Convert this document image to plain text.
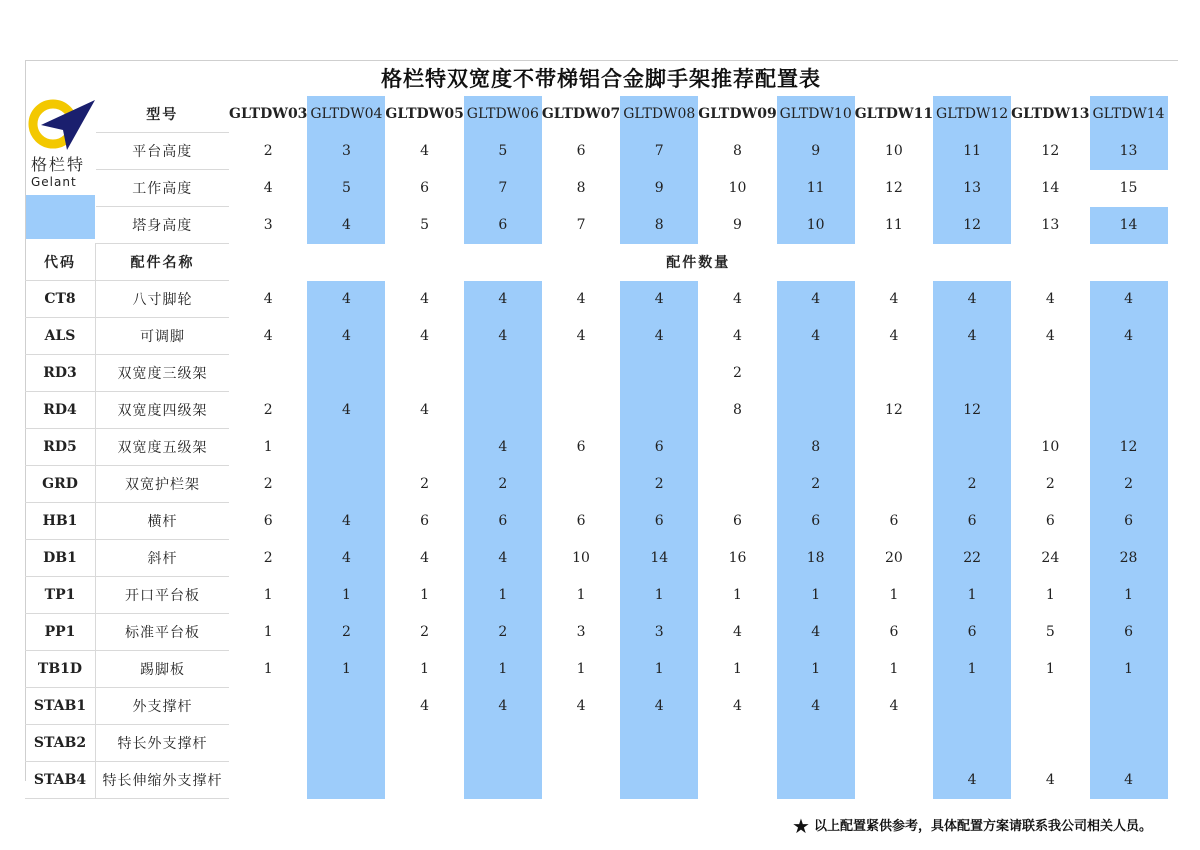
格栏特双宽度不带梯铝合金脚手架推荐配置表
格栏特
Gelant
	型号	GLTDW03	GLTDW04	GLTDW05	GLTDW06	GLTDW07	GLTDW08	GLTDW09	GLTDW10	GLTDW11	GLTDW12	GLTDW13	GLTDW14
	平台高度	2	3	4	5	6	7	8	9	10	11	12	13
	工作高度	4	5	6	7	8	9	10	11	12	13	14	15
	塔身高度	3	4	5	6	7	8	9	10	11	12	13	14
代码	配件名称	配件数量											
CT8	八寸脚轮	4	4	4	4	4	4	4	4	4	4	4	4
ALS	可调脚	4	4	4	4	4	4	4	4	4	4	4	4
RD3	双宽度三级架							2					
RD4	双宽度四级架	2	4	4				8		12	12		
RD5	双宽度五级架	1			4	6	6		8			10	12
GRD	双宽护栏架	2		2	2		2		2		2	2	2
HB1	横杆	6	4	6	6	6	6	6	6	6	6	6	6
DB1	斜杆	2	4	4	4	10	14	16	18	20	22	24	28
TP1	开口平台板	1	1	1	1	1	1	1	1	1	1	1	1
PP1	标准平台板	1	2	2	2	3	3	4	4	6	6	5	6
TB1D	踢脚板	1	1	1	1	1	1	1	1	1	1	1	1
STAB1	外支撑杆			4	4	4	4	4	4	4			
STAB2	特长外支撑杆												
STAB4	特长伸缩外支撑杆										4	4	4
★ 以上配置紧供参考，具体配置方案请联系我公司相关人员。
